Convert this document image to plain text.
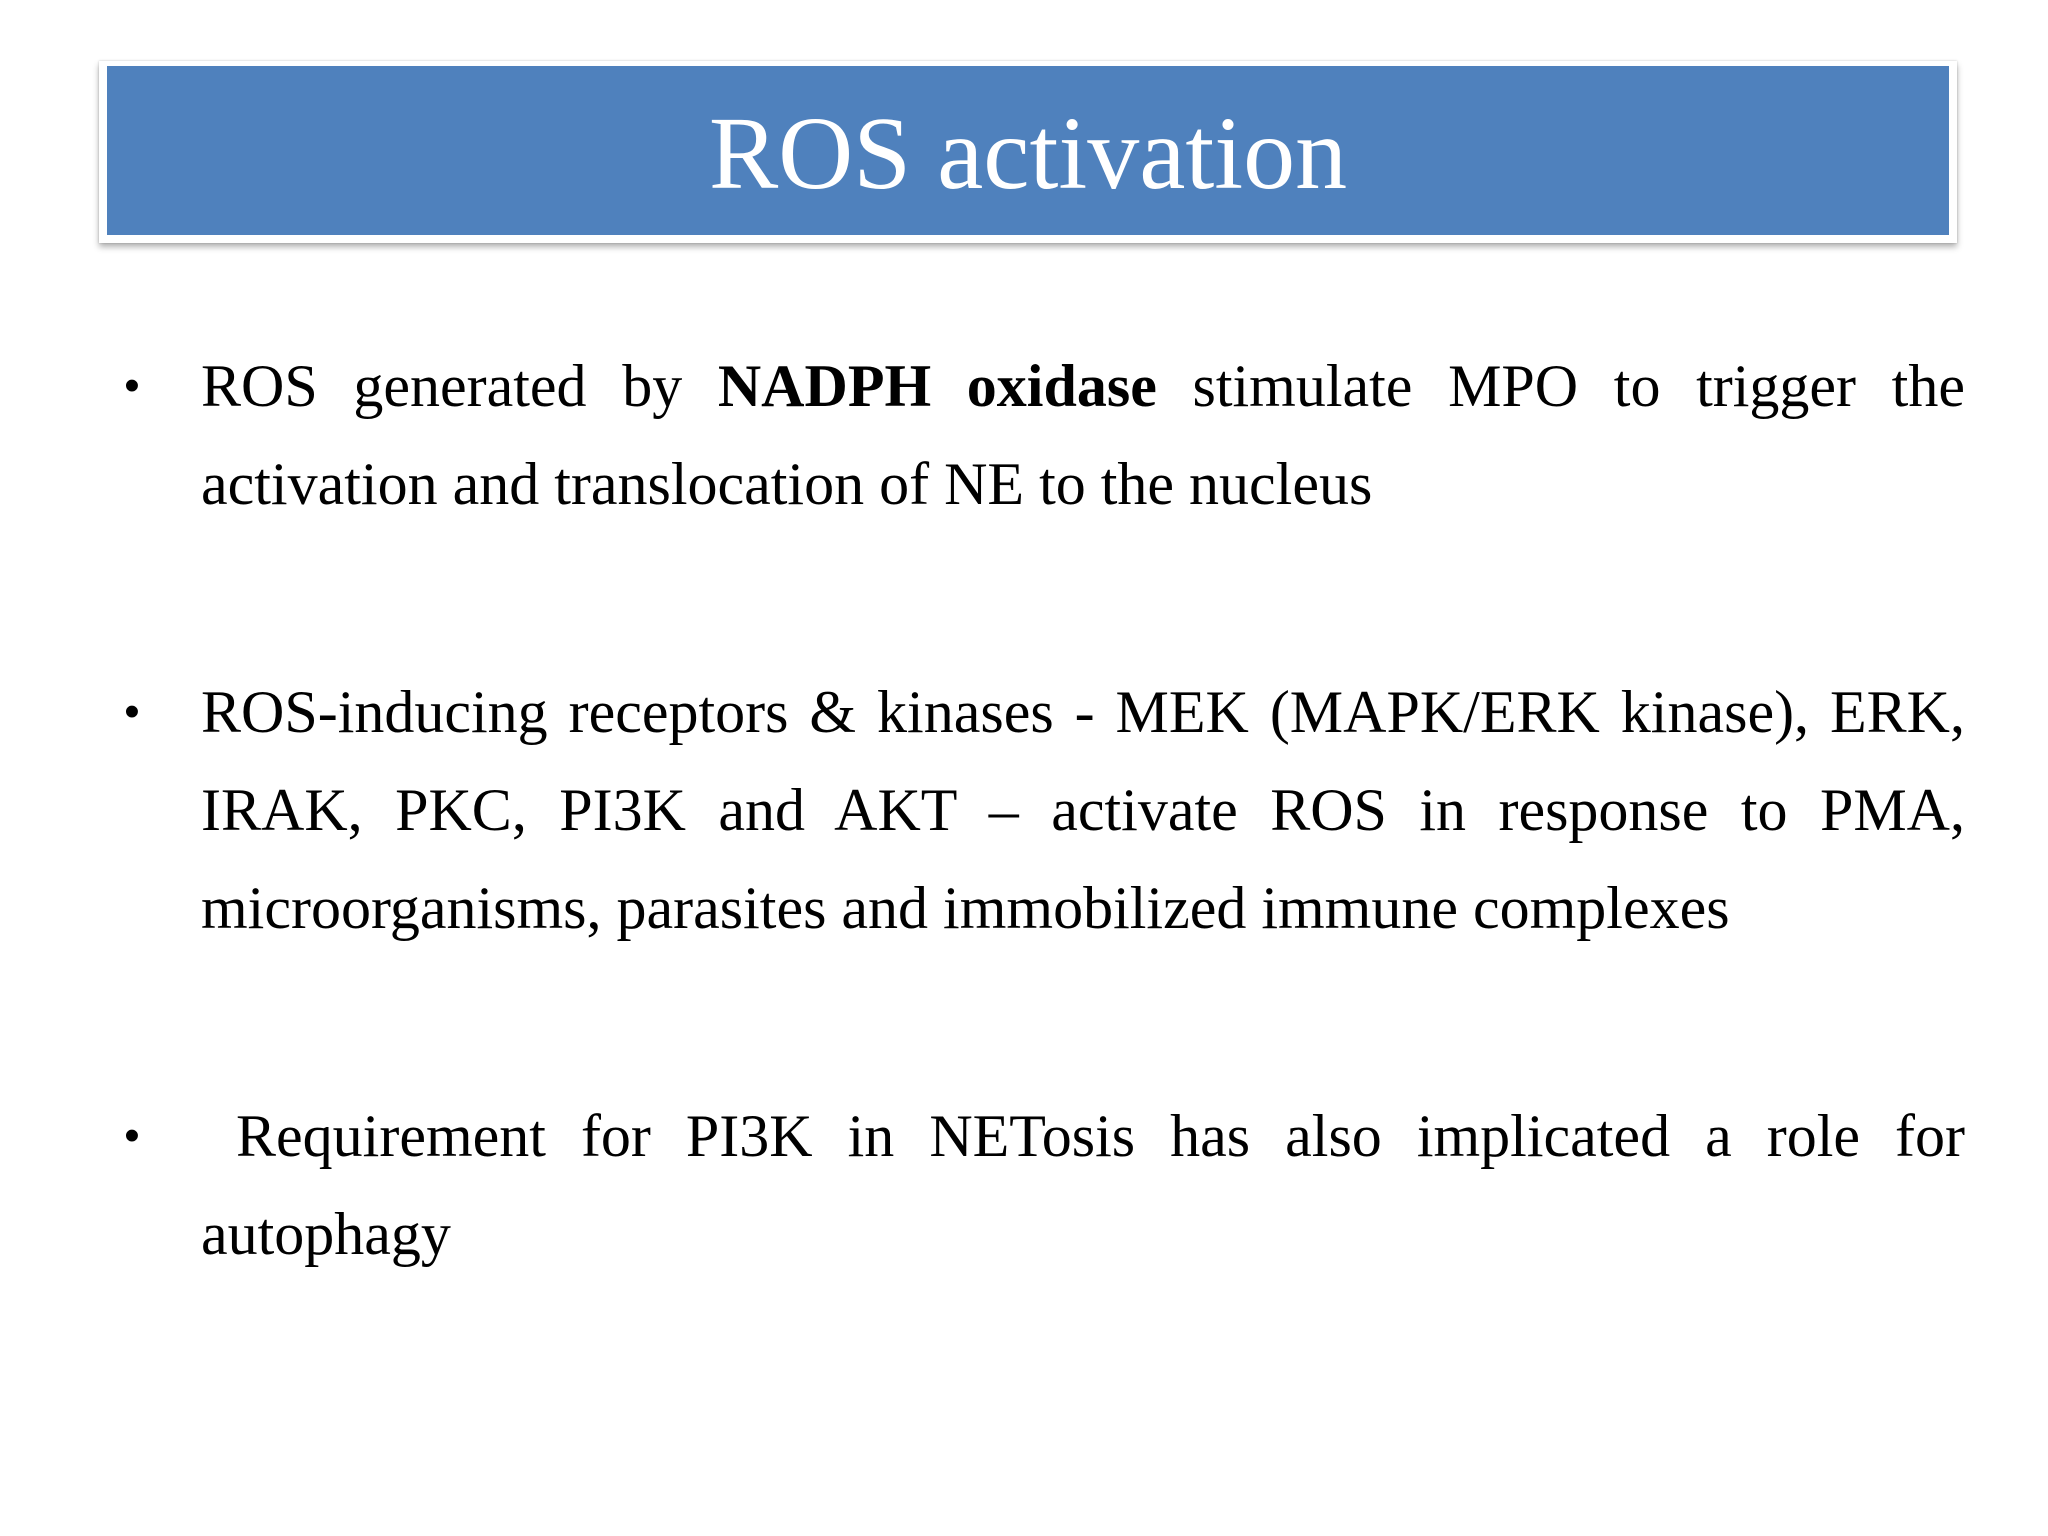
ROS activation
• ROS generated by NADPH oxidase stimulate MPO to trigger the activation and translocation of NE to the nucleus
• ROS-inducing receptors & kinases - MEK (MAPK/ERK kinase), ERK, IRAK, PKC, PI3K and AKT – activate ROS in response to PMA, microorganisms, parasites and immobilized immune complexes
• Requirement for PI3K in NETosis has also implicated a role for autophagy
